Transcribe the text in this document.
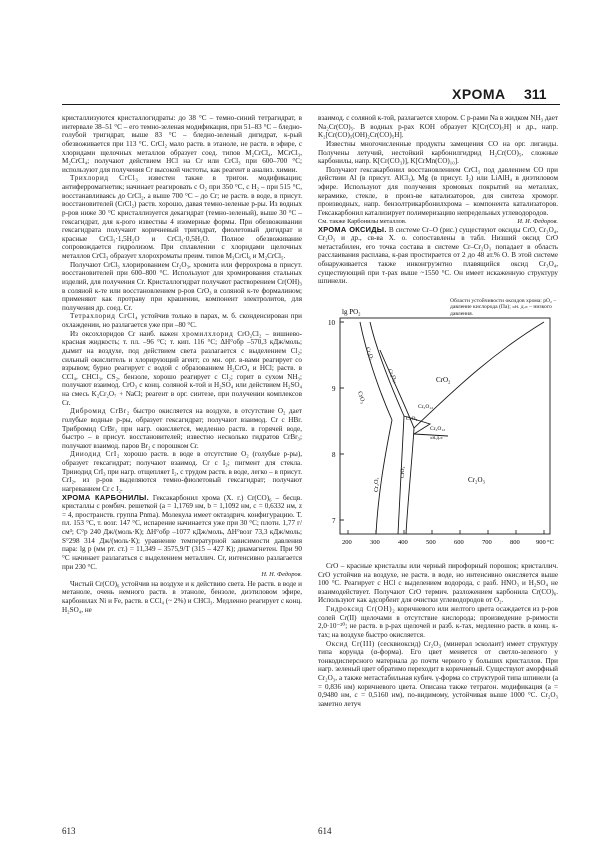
ХРОМА 311

кристаллизуются кристаллогидраты: до 38 °С – темно-синий тетрагидрат, в интервале 38–51 °С – его темно-зеленая модификация, при 51–83 °С – бледно-голубой тригидрат, выше 83 °С – бледно-зеленый дигидрат, к-рый обезвоживается при 113 °С. CrCl₂ мало раств. в этаноле, не раств. в эфире, с хлоридами щелочных металлов образует соед. типов M₂CrCl₄, MCrCl₃, M₂CrCl₄; получают действием HCl на Cr или CrCl₃ при 600–700 °С; используют для получения Cr высокой чистоты, как реагент в анализ. химии.

Трихлорид CrCl₃ известен также в тригон. модификации; антиферромагнетик; начинает реагировать с O₂ при 350 °С, с H₂ – при 515 °С, восстанавливаясь до CrCl₂, а выше 700 °С – до Cr; не раств. в воде, в присут. восстановителей (CrCl₂) раств. хорошо, давая темно-зеленые р-ры. Из водных р-ров ниже 30 °С кристаллизуется декагидрат (темно-зеленый), выше 30 °С – гексагидрат, для к-рого известны 4 изомерные формы. При обезвоживании гексагидрата получают коричневый тригидрат, фиолетовый дигидрат и красные CrCl₃·1,5H₂O и CrCl₃·0,5H₂O. Полное обезвоживание сопровождается гидролизом. При сплавлении с хлоридами щелочных металлов CrCl₃ образует хлорохроматы преим. типов M₃CrCl₆ и M₂CrCl₅.

Получают CrCl₃ хлорированием Cr₂O₃, хромита или феррохрома в присут. восстановителей при 600–800 °С. Используют для хромирования стальных изделий, для получения Cr. Кристаллогидрат получают растворением Cr(OH)₃ в соляной к-те или восстановлением р-ров CrO₃ в соляной к-те формалином; применяют как протраву при крашении, компонент электролитов, для получения др. соед. Cr.

Тетрахлорид CrCl₄ устойчив только в парах, м. б. сконденсирован при охлаждении, но разлагается уже при –80 °С.

Из оксохлоридов Cr наиб. важен хромилхлорид CrO₂Cl₂ – вишнево-красная жидкость; т. пл. –96 °С; т. кип. 116 °С; ΔH°обр –570,3 кДж/моль; дымит на воздухе, под действием света разлагается с выделением Cl₂; сильный окислитель и хлорирующий агент; со мн. орг. в-вами реагирует со взрывом; бурно реагирует с водой с образованием H₂CrO₄ и HCl; раств. в CCl₄, CHCl₃, CS₂, бензоле, хорошо реагирует с Cl₂; горит в сухом NH₃; получают взаимод. CrO₃ с конц. соляной к-той и H₂SO₄ или действием H₂SO₄ на смесь K₂Cr₂O₇ + NaCl; реагент в орг. синтезе, при получении комплексов Cr.

Дибромид CrBr₂ быстро окисляется на воздухе, в отсутствие O₂ дает голубые водные р-ры, образует гексагидрат; получают взаимод. Cr с HBr. Трибромид CrBr₃ при нагр. окисляется, медленно раств. в горячей воде, быстро – в присут. восстановителей; известно несколько гидратов CrBr₃; получают взаимод. паров Br₂ с порошком Cr.

Дииодид CrI₂ хорошо раств. в воде в отсутствие O₂ (голубые р-ры), образует гексагидрат; получают взаимод. Cr с I₂; пигмент для стекла. Трииодид CrI₃ при нагр. отщепляет I₂, с трудом раств. в воде, легко – в присут. CrI₂, из р-ров выделяются темно-фиолетовый гексагидрат; получают нагреванием Cr с I₂.

ХРОМА КАРБОНИЛЫ. Гексакарбонил хрома (Х. г.) Cr(CO)₆ – бесцв. кристаллы с ромбич. решеткой (a = 1,1769 нм, b = 1,1092 нм, c = 0,6332 нм, z = 4, пространств. группа Pnma). Молекула имеет октаэдрич. конфигурацию. Т. пл. 153 °С, т. возг. 147 °С, испарение начинается уже при 30 °С; плотн. 1,77 г/см³; C°p 240 Дж/(моль·К); ΔH°обр –1077 кДж/моль, ΔH°возг 73,3 кДж/моль; S°298 314 Дж/(моль·К); уравнение температурной зависимости давления пара: lg p (мм рт. ст.) = 11,349 – 3575,9/T (315 – 427 К); диамагнетен. При 90 °С начинает разлагаться с выделением металлич. Cr, интенсивно разлагается при 230 °С.

Н. Н. Федоров.

Чистый Cr(CO)₆ устойчив на воздухе и к действию света. Не раств. в воде и метаноле, очень немного раств. в этаноле, бензоле, диэтиловом эфире, карбонилах Ni и Fe, раств. в CCl₄ (~ 2%) и CHCl₃. Медленно реагирует с конц. H₂SO₄, не

взаимод. с соляной к-той, разлагается хлором. С р-рами Na в жидком NH₃ дает Na₂Cr(CO)₅. В водных р-рах KOH образует K[Cr(CO)₅H] и др., напр. K₂[Cr(CO)₅(OH)₂Cr(CO)₅H].

Известны многочисленные продукты замещения CO на орг. лиганды. Получены летучий, нестойкий карбонилгидрид H₂Cr(CO)₅, сложные карбонилы, напр. K[Cr(CO₃)], K[CrMn(CO)₁₀].

Получают гексакарбонил восстановлением CrCl₃ под давлением CO при действии Al (в присут. AlCl₃), Mg (в присут. I₂) или LiAlH₄ в диэтиловом эфире. Используют для получения хромовых покрытий на металлах, керамике, стекле, в произ-ве катализаторов, для синтеза хроморг. производных, напр. бензолтрикарбонилхрома – компонента катализаторов. Гексакарбонил катализирует полимеризацию непредельных углеводородов.

См. также Карбонилы металлов.	И. И. Федоров.

ХРОМА ОКСИДЫ. В системе Cr–O (рис.) существуют оксиды CrO, Cr₃O₄, Cr₂O₃ и др., св-ва Х. о. сопоставлены в табл. Низший оксид CrO метастабилен, его точка состава в системе Cr–Cr₂O₃ попадает в область расслаивания расплава, к-рая простирается от 2 до 48 ат.% O. В этой системе обнаруживается также инконгруэнтно плавящийся оксид Cr₃O₄, существующий при т-рах выше ~1550 °С. Он имеет искаженную структуру шпинели.

lg PO₂
10
9
8
7
200	300	400	500	600	700	800	900 °C
CrO₂
Cr₂O₅
Cr₈O₂₁
Cr₅O₁₂
CrO₃
CrO₂
Cr₅O₁₂
«н.д.»
Cr₂O₃	Cr₂O₃
CrO₂
Области устойчивости оксидов хрома: pO₂ – давление кислорода (Па); «н. д.» – низкого давления.

CrO – красные кристаллы или черный пирофорный порошок; кристаллич. CrO устойчив на воздухе, не раств. в воде, но интенсивно окисляется выше 100 °С. Реагирует с HCl с выделением водорода, с разб. HNO₃ и H₂SO₄ не взаимодействует. Получают CrO термич. разложением карбонила Cr(CO)₆. Используют как адсорбент для очистки углеводородов от O₂.

Гидроксид Cr(OH)₂ коричневого или желтого цвета осаждается из р-ров солей Cr(II) щелочами в отсутствие кислорода; произведение р-римости 2,0·10⁻²⁰; не раств. в р-рах щелочей и разб. к-тах, медленно раств. в конц. к-тах; на воздухе быстро окисляется.

Оксид Cr(III) (сесквиоксид) Cr₂O₃ (минерал эсколаит) имеет структуру типа корунда (α-форма). Его цвет меняется от светло-зеленого у тонкодисперсного материала до почти черного у больших кристаллов. При нагр. зеленый цвет обратимо переходит в коричневый. Существуют аморфный Cr₂O₃, а также метастабильная кубич. γ-форма со структурой типа шпинели (a = 0,836 нм) коричневого цвета. Описана также тетрагон. модификация (a = 0,9480 нм, c = 0,5160 нм), по-видимому, устойчивая выше 1000 °С. Cr₂O₃ заметно летуч

613	614
